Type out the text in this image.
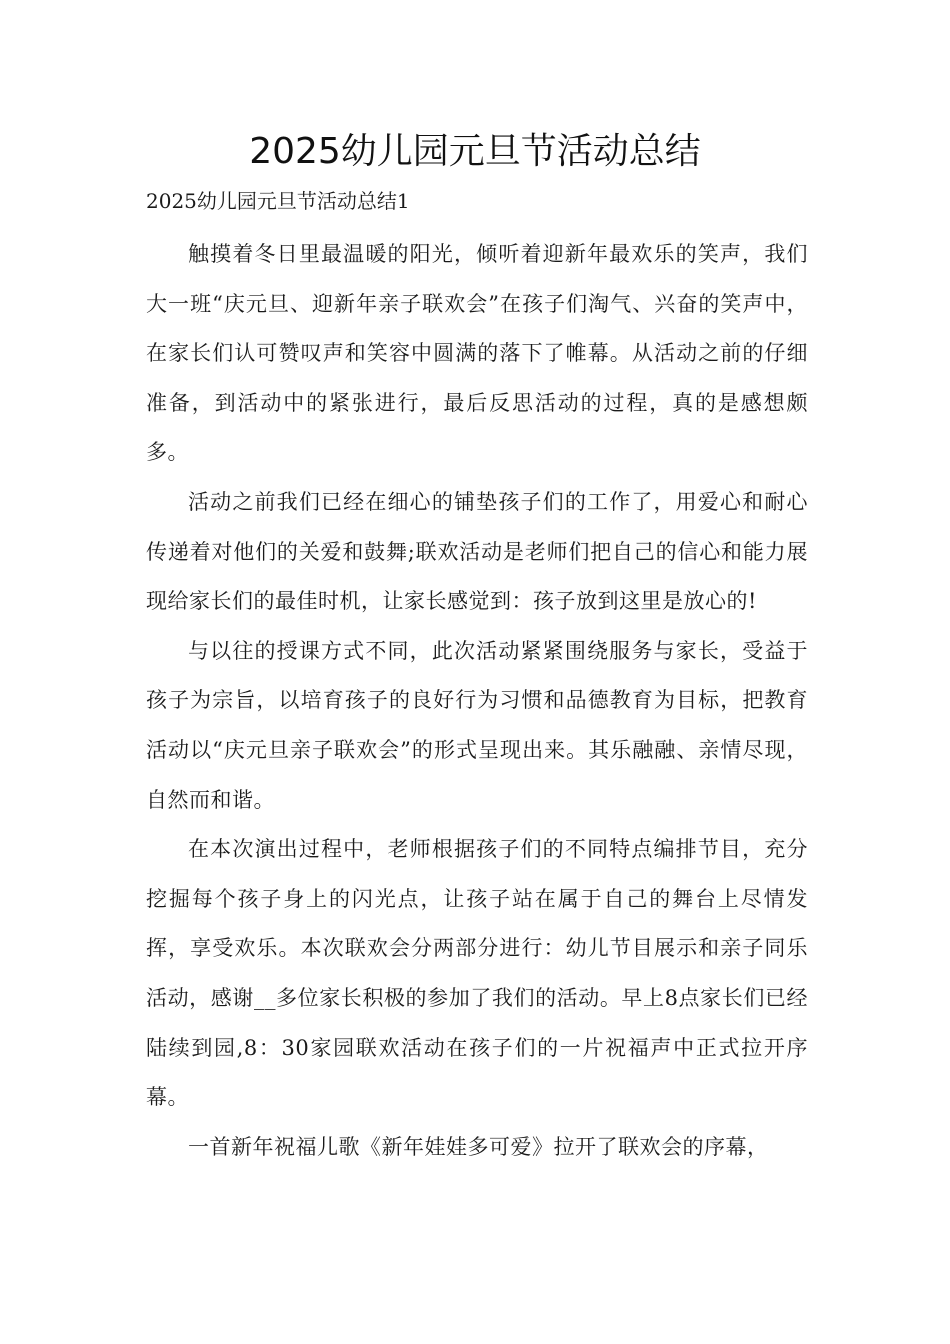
2025幼儿园元旦节活动总结

2025幼儿园元旦节活动总结1

触摸着冬日里最温暖的阳光，倾听着迎新年最欢乐的笑声，我们大一班“庆元旦、迎新年亲子联欢会”在孩子们淘气、兴奋的笑声中，在家长们认可赞叹声和笑容中圆满的落下了帷幕。从活动之前的仔细准备，到活动中的紧张进行，最后反思活动的过程，真的是感想颇多。

活动之前我们已经在细心的铺垫孩子们的工作了，用爱心和耐心传递着对他们的关爱和鼓舞;联欢活动是老师们把自己的信心和能力展现给家长们的最佳时机，让家长感觉到：孩子放到这里是放心的!

与以往的授课方式不同，此次活动紧紧围绕服务与家长，受益于孩子为宗旨，以培育孩子的良好行为习惯和品德教育为目标，把教育活动以“庆元旦亲子联欢会”的形式呈现出来。其乐融融、亲情尽现，自然而和谐。

在本次演出过程中，老师根据孩子们的不同特点编排节目，充分挖掘每个孩子身上的闪光点，让孩子站在属于自己的舞台上尽情发挥，享受欢乐。本次联欢会分两部分进行：幼儿节目展示和亲子同乐活动，感谢__多位家长积极的参加了我们的活动。早上8点家长们已经陆续到园,8：30家园联欢活动在孩子们的一片祝福声中正式拉开序幕。

一首新年祝福儿歌《新年娃娃多可爱》拉开了联欢会的序幕，
